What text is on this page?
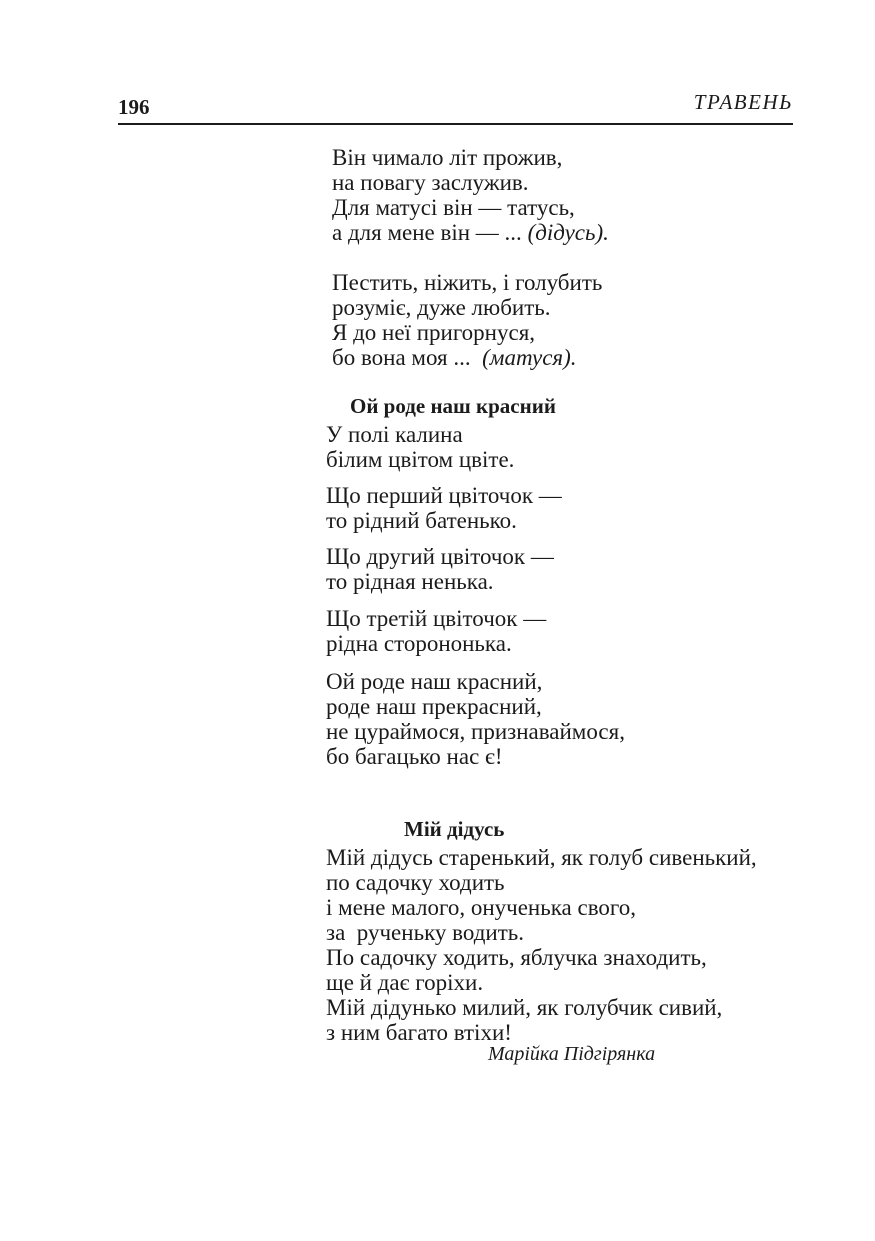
196	ТРАВЕНЬ
Він чимало літ прожив,
на повагу заслужив.
Для матусі він — татусь,
а для мене він — ... (дідусь).
Пестить, ніжить, і голубить
розуміє, дуже любить.
Я до неї пригорнуся,
бо вона моя ...  (матуся).
Ой роде наш красний
У полі калина
білим цвітом цвіте.
Що перший цвіточок —
то рідний батенько.
Що другий цвіточок —
то рідная ненька.
Що третій цвіточок —
рідна сторононька.
Ой роде наш красний,
роде наш прекрасний,
не цураймося, признаваймося,
бо багацько нас є!
Мій дідусь
Мій дідусь старенький, як голуб сивенький,
по садочку ходить
і мене малого, онученька свого,
за  рученьку водить.
По садочку ходить, яблучка знаходить,
ще й дає горіхи.
Мій дідунько милий, як голубчик сивий,
з ним багато втіхи!
Марійка Підгірянка
